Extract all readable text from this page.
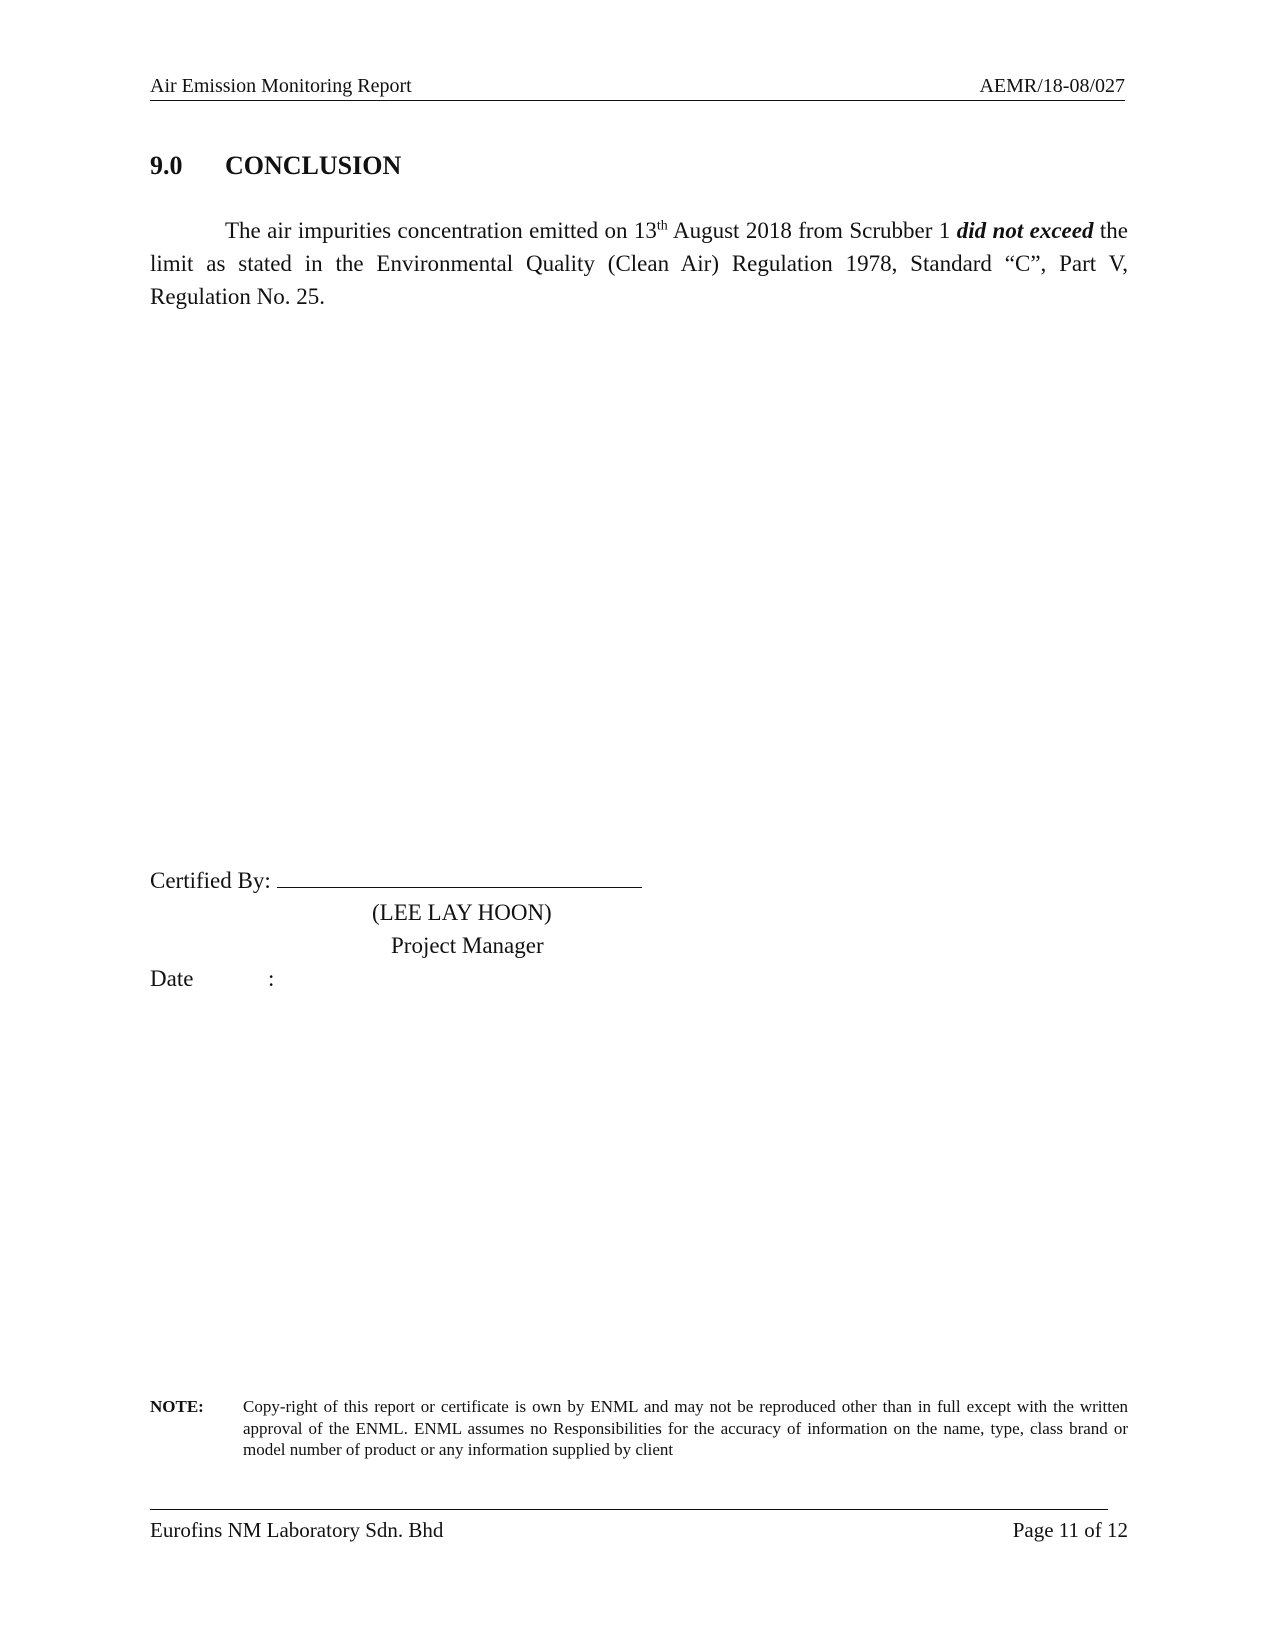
Air Emission Monitoring Report	AEMR/18-08/027
9.0 CONCLUSION
The air impurities concentration emitted on 13th August 2018 from Scrubber 1 did not exceed the limit as stated in the Environmental Quality (Clean Air) Regulation 1978, Standard “C”, Part V, Regulation No. 25.
Certified By:
(LEE LAY HOON)
Project Manager
Date	:
NOTE: Copy-right of this report or certificate is own by ENML and may not be reproduced other than in full except with the written approval of the ENML. ENML assumes no Responsibilities for the accuracy of information on the name, type, class brand or model number of product or any information supplied by client
Eurofins NM Laboratory Sdn. Bhd	Page 11 of 12
